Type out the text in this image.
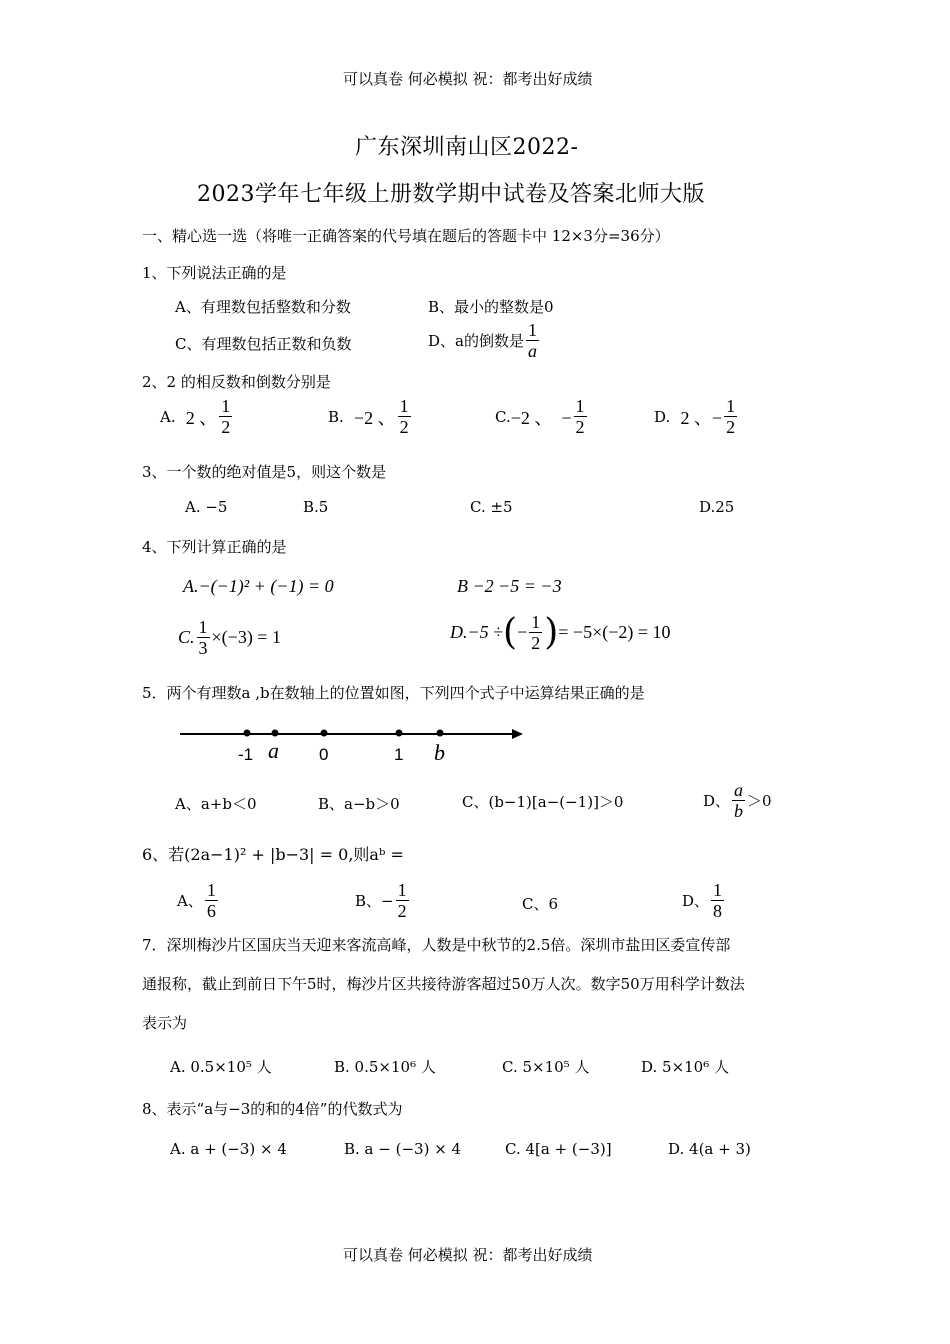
可以真卷 何必模拟 祝：都考出好成绩
广东深圳南山区2022-
2023学年七年级上册数学期中试卷及答案北师大版
一、精心选一选（将唯一正确答案的代号填在题后的答题卡中 12×3分=36分）
1、下列说法正确的是
A、有理数包括整数和分数	B、最小的整数是0
C、有理数包括正数和负数	D、a的倒数是 $\frac{1}{a}$
2、2 的相反数和倒数分别是
A.
2 、 $\frac{1}{2}$	B.
−2 、 $\frac{1}{2}$	C. −2 、  − $\frac{1}{2}$	D.
2 、− $\frac{1}{2}$
3、一个数的绝对值是5，则这个数是
A. −5	B.5	C. ±5	D.25
4、下列计算正确的是
A.−(−1)² + (−1) = 0	B −2 −5 = −3
C. $\frac{1}{3} \times(-3) = 1$	D.−5 ÷ ( − $\frac{1}{2}$ ) = −5×(−2) = 10
5．两个有理数a ,b在数轴上的位置如图，下列四个式子中运算结果正确的是
-1 a 0	1 b
A、a+b＜0	B、a−b＞0	C、(b−1)[a−(−1)]＞0	D、 $\frac{a}{b} >0$
6、若(2a−1)² + |b−3| = 0,则aᵇ =
A、 $\frac{1}{6}$	B、− $\frac{1}{2}$	C、6	D、 $\frac{1}{8}$
7．深圳梅沙片区国庆当天迎来客流高峰，人数是中秋节的2.5倍。深圳市盐田区委宣传部
通报称，截止到前日下午5时，梅沙片区共接待游客超过50万人次。数字50万用科学计数法
表示为
A. 0.5×10⁵ 人	B. 0.5×10⁶ 人	C. 5×10⁵ 人	D. 5×10⁶ 人
8、表示“a与−3的和的4倍”的代数式为
A. a + (−3) × 4	B. a − (−3) × 4	C. 4[a + (−3)]	D. 4(a + 3)
可以真卷 何必模拟 祝：都考出好成绩
